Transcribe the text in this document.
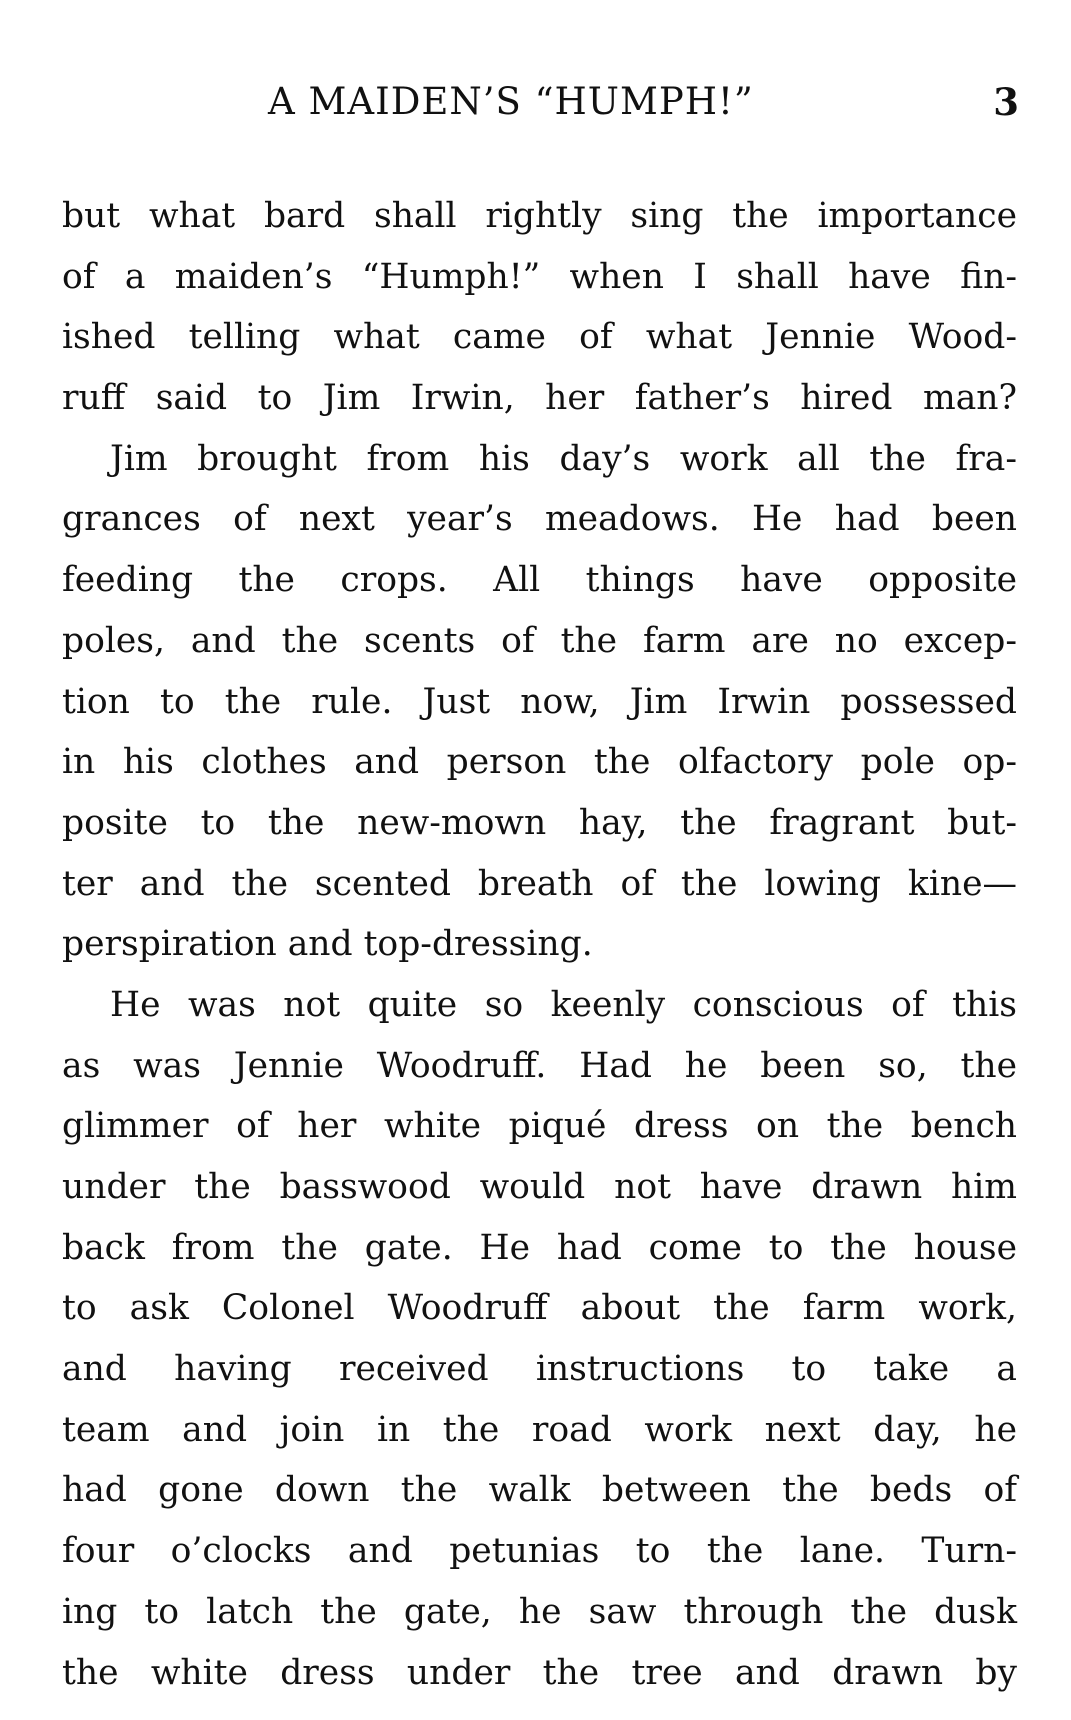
A MAIDEN’S “HUMPH!”	3
but what bard shall rightly sing the importance
of a maiden’s “Humph!” when I shall have fin-
ished telling what came of what Jennie Wood-
ruff said to Jim Irwin, her father’s hired man?
Jim brought from his day’s work all the fra-
grances of next year’s meadows. He had been
feeding the crops. All things have opposite
poles, and the scents of the farm are no excep-
tion to the rule. Just now, Jim Irwin possessed
in his clothes and person the olfactory pole op-
posite to the new-mown hay, the fragrant but-
ter and the scented breath of the lowing kine—
perspiration and top-dressing.
He was not quite so keenly conscious of this
as was Jennie Woodruff. Had he been so, the
glimmer of her white piqué dress on the bench
under the basswood would not have drawn him
back from the gate. He had come to the house
to ask Colonel Woodruff about the farm work,
and having received instructions to take a
team and join in the road work next day, he
had gone down the walk between the beds of
four o’clocks and petunias to the lane. Turn-
ing to latch the gate, he saw through the dusk
the white dress under the tree and drawn by
